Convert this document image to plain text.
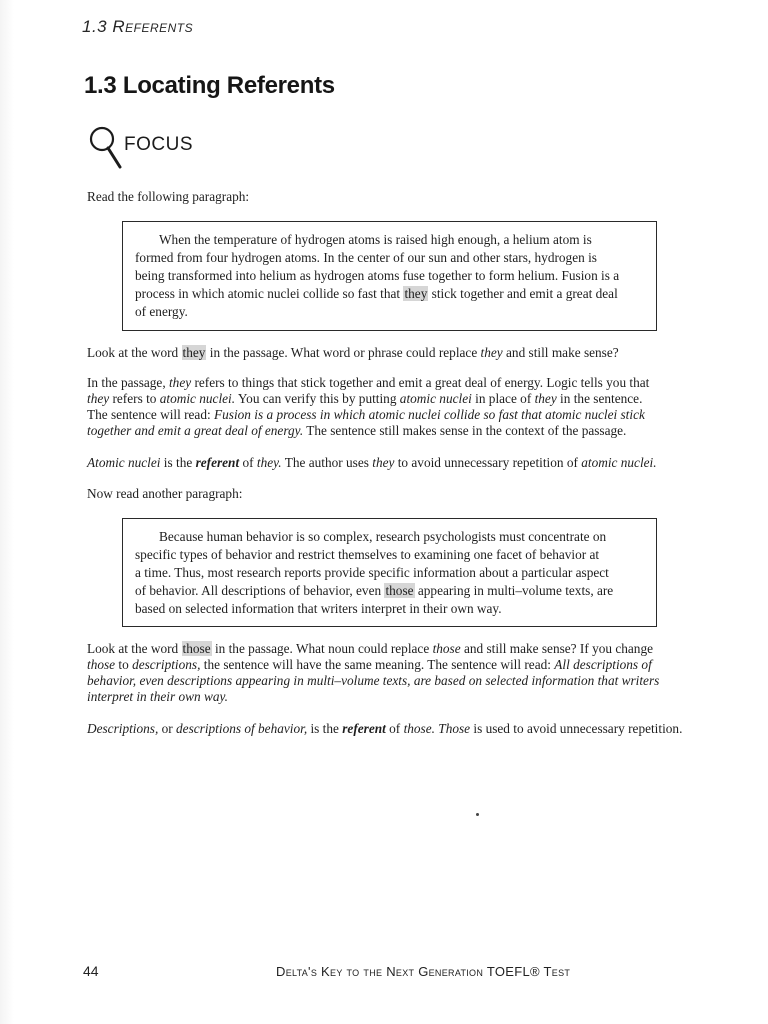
1.3 Referents
1.3 Locating Referents
FOCUS

Read the following paragraph:

When the temperature of hydrogen atoms is raised high enough, a helium atom is
formed from four hydrogen atoms. In the center of our sun and other stars, hydrogen is
being transformed into helium as hydrogen atoms fuse together to form helium. Fusion is a
process in which atomic nuclei collide so fast that they stick together and emit a great deal
of energy.

Look at the word they in the passage. What word or phrase could replace they and still make sense?

In the passage, they refers to things that stick together and emit a great deal of energy. Logic tells you that
they refers to atomic nuclei. You can verify this by putting atomic nuclei in place of they in the sentence.
The sentence will read: Fusion is a process in which atomic nuclei collide so fast that atomic nuclei stick
together and emit a great deal of energy. The sentence still makes sense in the context of the passage.

Atomic nuclei is the referent of they. The author uses they to avoid unnecessary repetition of atomic nuclei.

Now read another paragraph:

Because human behavior is so complex, research psychologists must concentrate on
specific types of behavior and restrict themselves to examining one facet of behavior at
a time. Thus, most research reports provide specific information about a particular aspect
of behavior. All descriptions of behavior, even those appearing in multi–volume texts, are
based on selected information that writers interpret in their own way.

Look at the word those in the passage. What noun could replace those and still make sense? If you change
those to descriptions, the sentence will have the same meaning. The sentence will read: All descriptions of
behavior, even descriptions appearing in multi–volume texts, are based on selected information that writers
interpret in their own way.

Descriptions, or descriptions of behavior, is the referent of those. Those is used to avoid unnecessary repetition.

44	Delta's Key to the Next Generation TOEFL® Test
